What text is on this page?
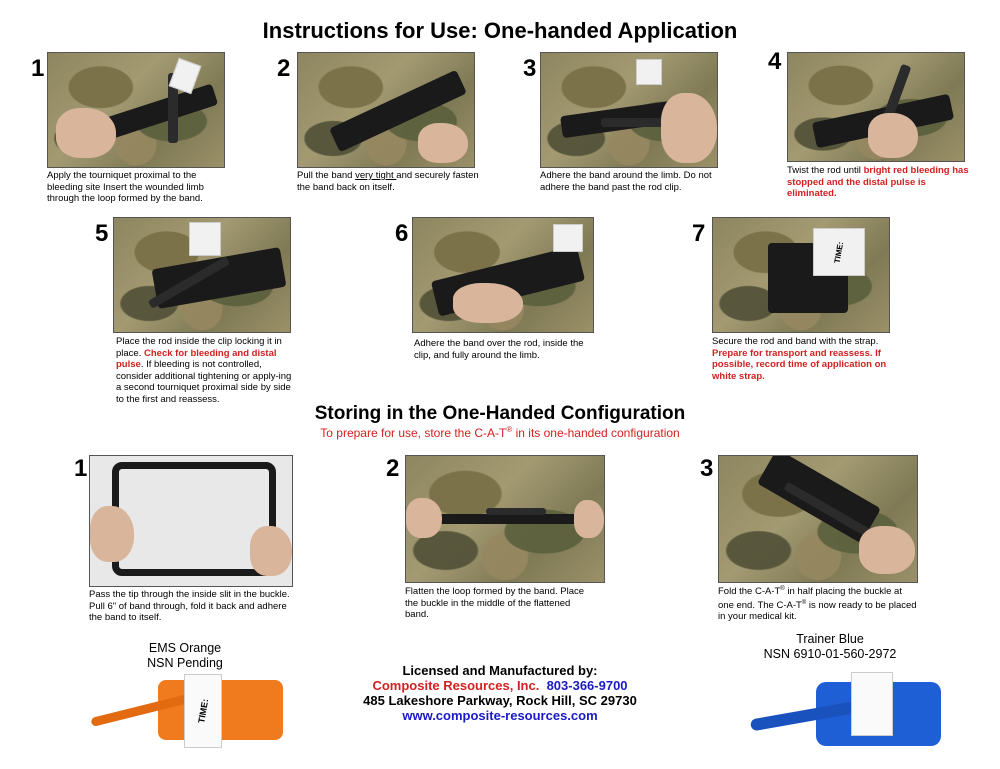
Instructions for Use: One-handed Application
1
Apply the tourniquet proximal to the bleeding site Insert the wounded limb through the loop formed by the band.
2
Pull the band very tight and securely fasten the band back on itself.
3
Adhere the band around the limb. Do not adhere the band past the rod clip.
4
Twist the rod until bright red bleeding has stopped and the distal pulse is eliminated.
5
Place the rod inside the clip locking it in place. Check for bleeding and distal pulse. If bleeding is not controlled, consider additional tightening or apply-ing a second tourniquet proximal side by side to the first and reassess.
6
Adhere the band over the rod, inside the clip, and fully around the limb.
7
TIME:
Secure the rod and band with the strap. Prepare for transport and reassess. If possible, record time of application on white strap.
Storing in the One-Handed Configuration
To prepare for use, store the C-A-T® in its one-handed configuration
1
Pass the tip through the inside slit in the buckle. Pull 6" of band through, fold it back and adhere the band to itself.
2
Flatten the loop formed by the band. Place the buckle in the middle of the flattened band.
3
Fold the C-A-T® in half placing the buckle at one end. The C-A-T® is now ready to be placed in your medical kit.
EMS Orange
NSN Pending
TIME:
Licensed and Manufactured by:
Composite Resources, Inc. 803-366-9700
485 Lakeshore Parkway, Rock Hill, SC 29730
www.composite-resources.com
Trainer Blue
NSN 6910-01-560-2972
